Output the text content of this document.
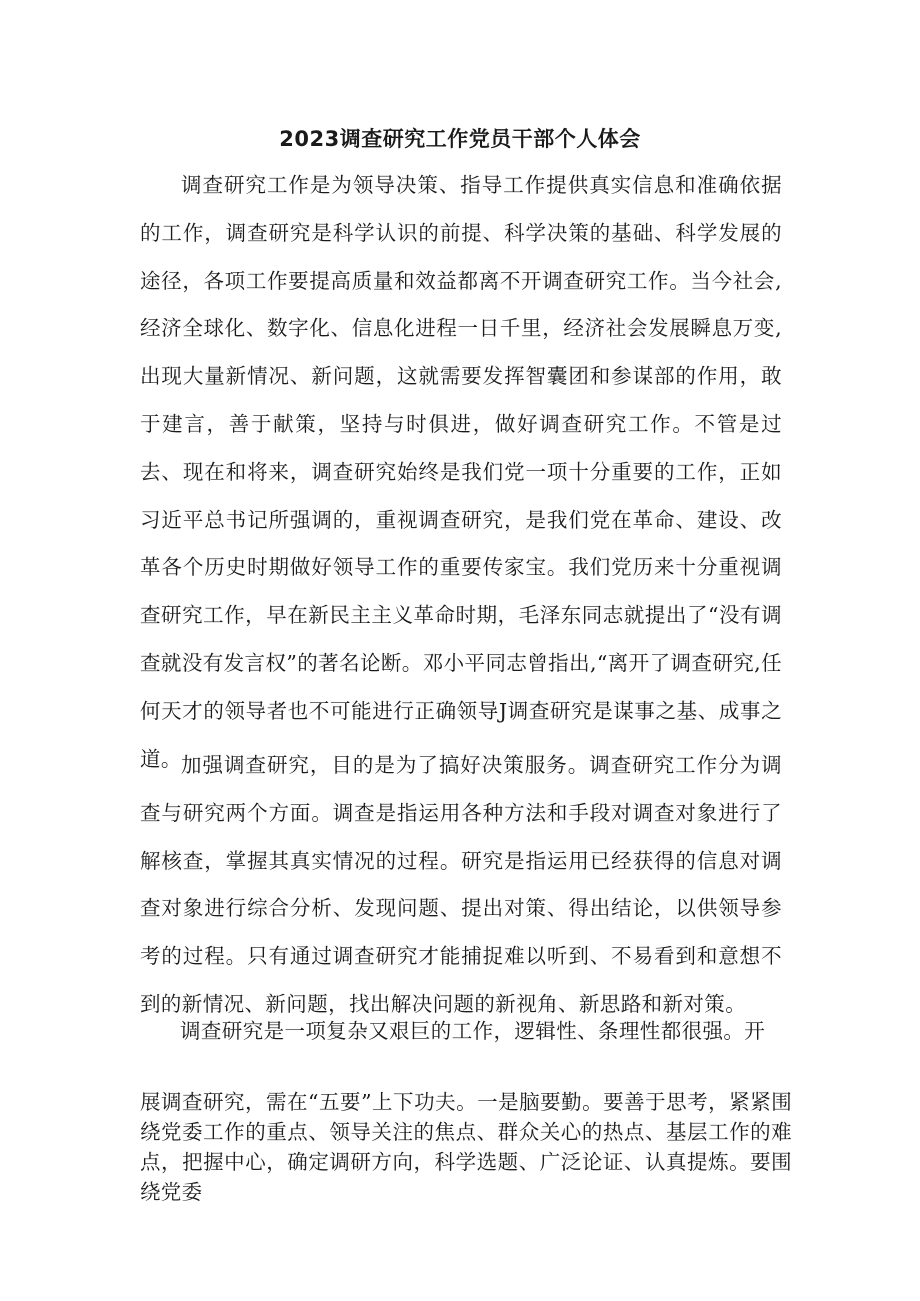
2023调查研究工作党员干部个人体会

调查研究工作是为领导决策、指导工作提供真实信息和准确依据的工作，调查研究是科学认识的前提、科学决策的基础、科学发展的途径，各项工作要提高质量和效益都离不开调查研究工作。当今社会,经济全球化、数字化、信息化进程一日千里，经济社会发展瞬息万变,出现大量新情况、新问题，这就需要发挥智囊团和参谋部的作用，敢于建言，善于献策，坚持与时俱进，做好调查研究工作。不管是过去、现在和将来，调查研究始终是我们党一项十分重要的工作，正如习近平总书记所强调的，重视调查研究，是我们党在革命、建设、改革各个历史时期做好领导工作的重要传家宝。我们党历来十分重视调查研究工作，早在新民主主义革命时期，毛泽东同志就提出了“没有调查就没有发言权”的著名论断。邓小平同志曾指出,“离开了调查研究,任何天才的领导者也不可能进行正确领导J调查研究是谋事之基、成事之道。 加强调查研究，目的是为了搞好决策服务。调查研究工作分为调查与研究两个方面。调查是指运用各种方法和手段对调查对象进行了解核查，掌握其真实情况的过程。研究是指运用已经获得的信息对调查对象进行综合分析、发现问题、提出对策、得出结论，以供领导参考的过程。只有通过调查研究才能捕捉难以听到、不易看到和意想不到的新情况、新问题，找出解决问题的新视角、新思路和新对策。

调查研究是一项复杂又艰巨的工作，逻辑性、条理性都很强。开

展调查研究，需在“五要”上下功夫。一是脑要勤。要善于思考，紧紧围绕党委工作的重点、领导关注的焦点、群众关心的热点、基层工作的难点，把握中心，确定调研方向，科学选题、广泛论证、认真提炼。要围绕党委
